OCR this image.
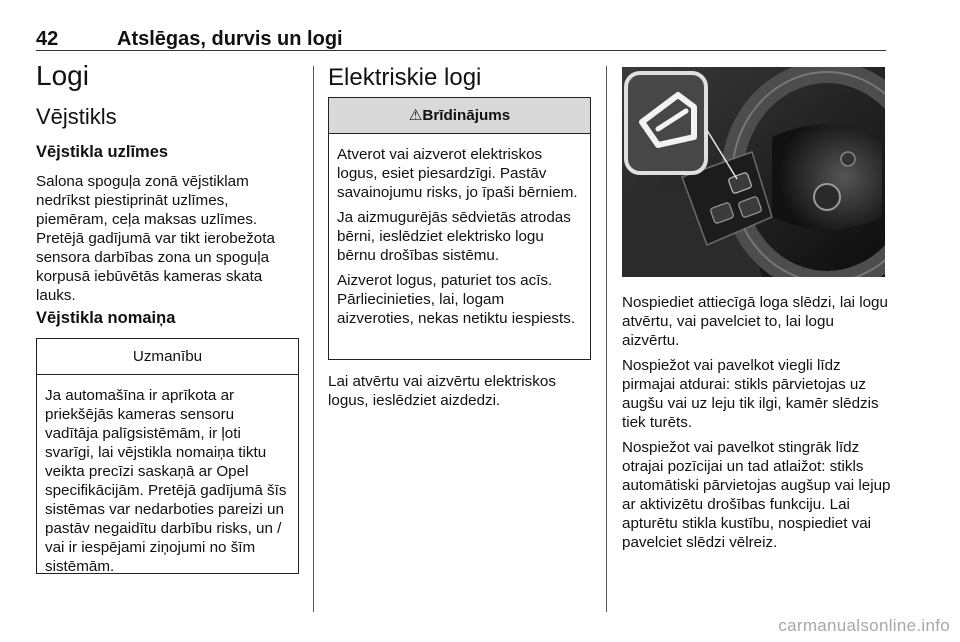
42	Atslēgas, durvis un logi
Logi
Vējstikls
Vējstikla uzlīmes

Salona spoguļa zonā vējstiklam nedrīkst piestiprināt uzlīmes, piemēram, ceļa maksas uzlīmes. Pretējā gadījumā var tikt ierobežota sensora darbības zona un spoguļa korpusā iebūvētās kameras skata lauks.

Vējstikla nomaiņa
Uzmanību

Ja automašīna ir aprīkota ar priekšējās kameras sensoru vadītāja palīgsistēmām, ir ļoti svarīgi, lai vējstikla nomaiņa tiktu veikta precīzi saskaņā ar Opel specifikācijām. Pretējā gadījumā šīs sistēmas var nedarboties pareizi un pastāv negaidītu darbību risks, un / vai ir iespējami ziņojumi no šīm sistēmām.

Elektriskie logi
⚠Brīdinājums

Atverot vai aizverot elektriskos logus, esiet piesardzīgi. Pastāv savainojumu risks, jo īpaši bērniem.

Ja aizmugurējās sēdvietās atrodas bērni, ieslēdziet elektrisko logu bērnu drošības sistēmu.

Aizverot logus, paturiet tos acīs. Pārliecinieties, lai, logam aizveroties, nekas netiktu iespiests.

Lai atvērtu vai aizvērtu elektriskos logus, ieslēdziet aizdedzi.

Nospiediet attiecīgā loga slēdzi, lai logu atvērtu, vai pavelciet to, lai logu aizvērtu.

Nospiežot vai pavelkot viegli līdz pirmajai atdurai: stikls pārvietojas uz augšu vai uz leju tik ilgi, kamēr slēdzis tiek turēts.

Nospiežot vai pavelkot stingrāk līdz otrajai pozīcijai un tad atlaižot: stikls automātiski pārvietojas augšup vai lejup ar aktivizētu drošības funkciju. Lai apturētu stikla kustību, nospiediet vai pavelciet slēdzi vēlreiz.

carmanualsonline.info
